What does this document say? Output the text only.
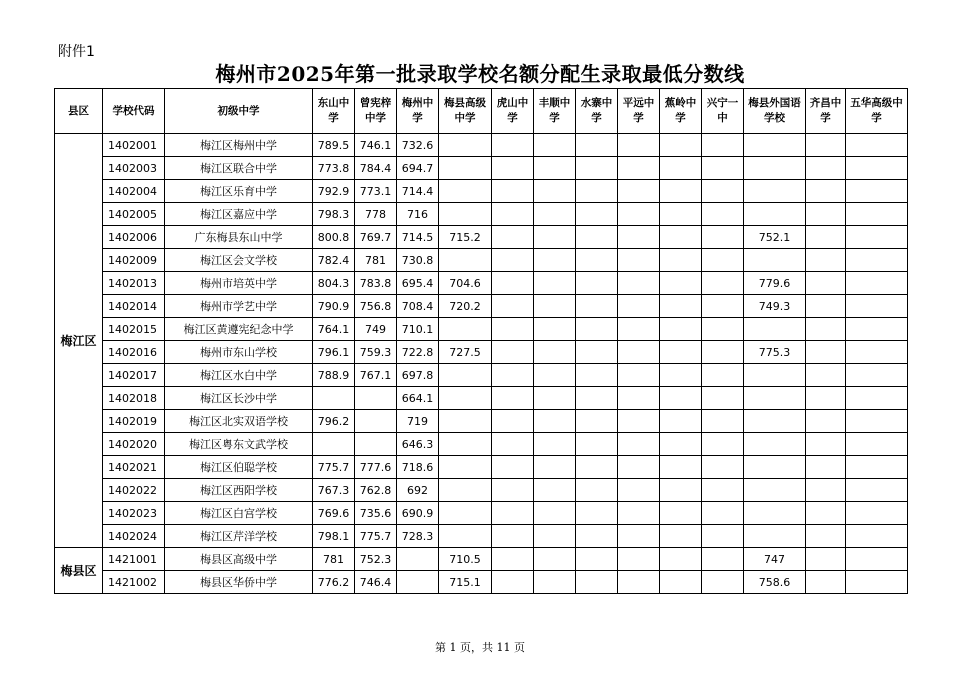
附件1
梅州市2025年第一批录取学校名额分配生录取最低分数线
县区	学校代码	初级中学	东山中学	曾宪梓中学	梅州中学	梅县高级中学	虎山中学	丰顺中学	水寨中学	平远中学	蕉岭中学	兴宁一中	梅县外国语学校	齐昌中学	五华高级中学
梅江区	1402001	梅江区梅州中学	789.5	746.1	732.6										
	1402003	梅江区联合中学	773.8	784.4	694.7										
	1402004	梅江区乐育中学	792.9	773.1	714.4										
	1402005	梅江区嘉应中学	798.3	778	716										
	1402006	广东梅县东山中学	800.8	769.7	714.5	715.2							752.1		
	1402009	梅江区会文学校	782.4	781	730.8										
	1402013	梅州市培英中学	804.3	783.8	695.4	704.6							779.6		
	1402014	梅州市学艺中学	790.9	756.8	708.4	720.2							749.3		
	1402015	梅江区黄遵宪纪念中学	764.1	749	710.1										
	1402016	梅州市东山学校	796.1	759.3	722.8	727.5							775.3		
	1402017	梅江区水白中学	788.9	767.1	697.8										
	1402018	梅江区长沙中学			664.1										
	1402019	梅江区北实双语学校	796.2		719										
	1402020	梅江区粤东文武学校			646.3										
	1402021	梅江区伯聪学校	775.7	777.6	718.6										
	1402022	梅江区西阳学校	767.3	762.8	692										
	1402023	梅江区白宫学校	769.6	735.6	690.9										
	1402024	梅江区芹洋学校	798.1	775.7	728.3										
梅县区	1421001	梅县区高级中学	781	752.3		710.5							747		
	1421002	梅县区华侨中学	776.2	746.4		715.1							758.6		
第 1 页，共 11 页
